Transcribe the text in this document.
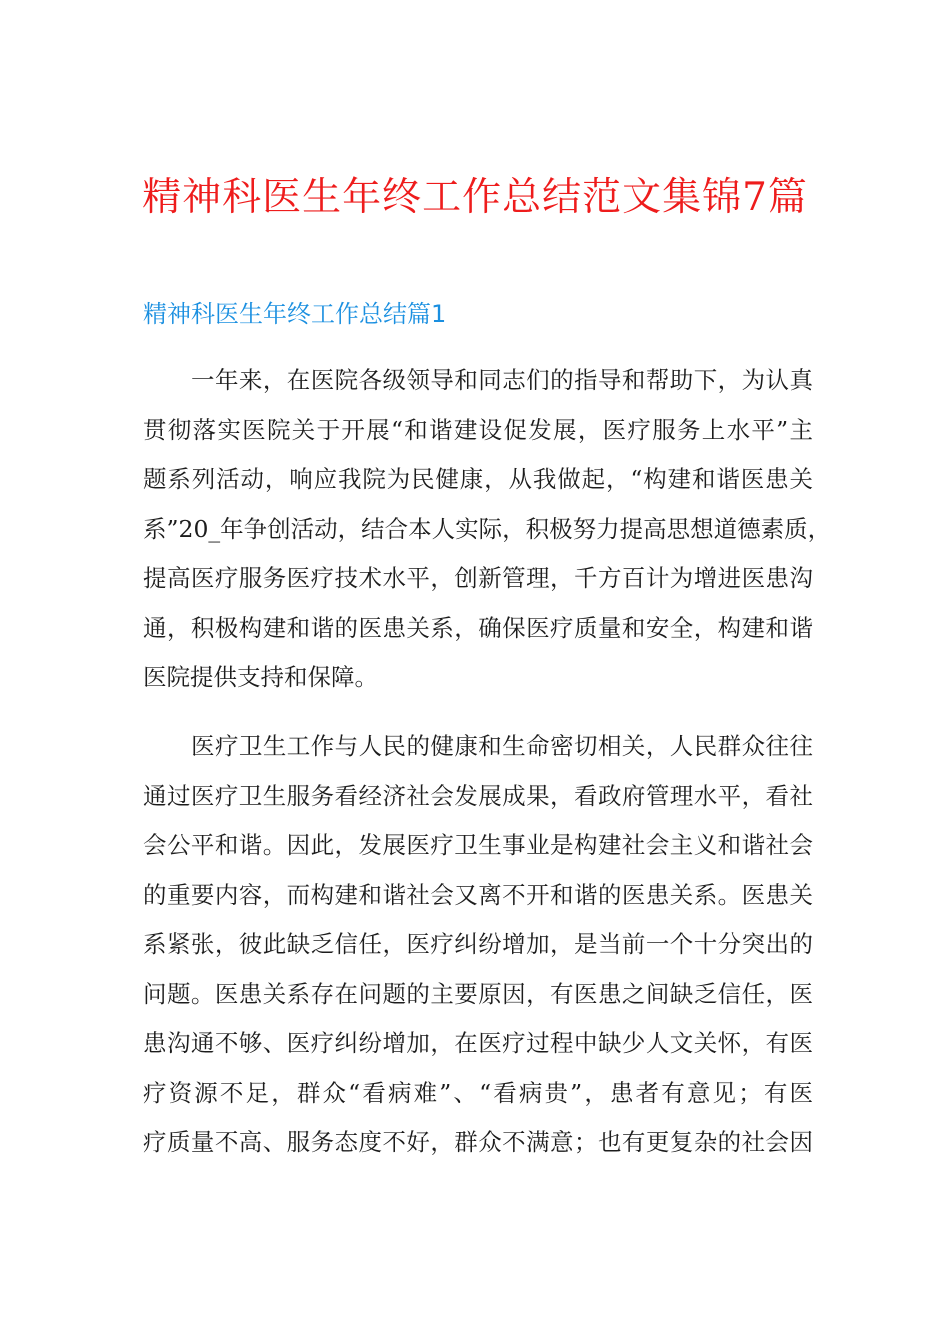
精神科医生年终工作总结范文集锦7篇
精神科医生年终工作总结篇1
一年来，在医院各级领导和同志们的指导和帮助下，为认真
贯彻落实医院关于开展“和谐建设促发展，医疗服务上水平”主
题系列活动，响应我院为民健康，从我做起，“构建和谐医患关
系”20_年争创活动，结合本人实际，积极努力提高思想道德素质，
提高医疗服务医疗技术水平，创新管理，千方百计为增进医患沟
通，积极构建和谐的医患关系，确保医疗质量和安全，构建和谐
医院提供支持和保障。
医疗卫生工作与人民的健康和生命密切相关，人民群众往往
通过医疗卫生服务看经济社会发展成果，看政府管理水平，看社
会公平和谐。因此，发展医疗卫生事业是构建社会主义和谐社会
的重要内容，而构建和谐社会又离不开和谐的医患关系。医患关
系紧张，彼此缺乏信任，医疗纠纷增加，是当前一个十分突出的
问题。医患关系存在问题的主要原因，有医患之间缺乏信任，医
患沟通不够、医疗纠纷增加，在医疗过程中缺少人文关怀，有医
疗资源不足，群众“看病难”、“看病贵”，患者有意见；有医
疗质量不高、服务态度不好，群众不满意；也有更复杂的社会因
